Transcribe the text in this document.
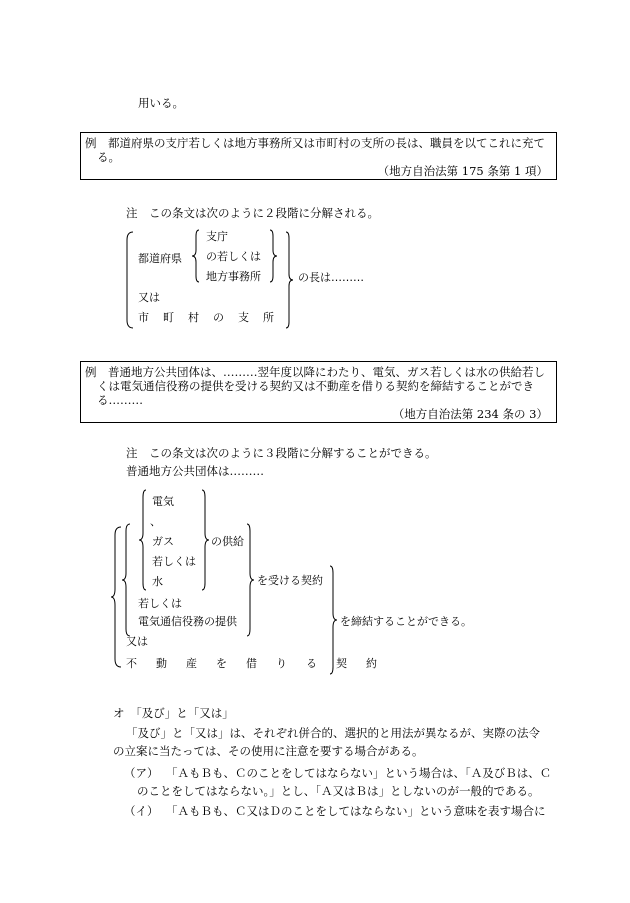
用いる。
例 都道府県の支庁若しくは地方事務所又は市町村の支所の長は、職員を以てこれに充て
る。
（地方自治法第 175 条第 1 項）
注　この条文は次のように２段階に分解される。
都道府県
支庁
の若しくは
地方事務所	の長は………
又は
市町村の支所
例 普通地方公共団体は、………翌年度以降にわたり、電気、ガス若しくは水の供給若し
くは電気通信役務の提供を受ける契約又は不動産を借りる契約を締結することができ
る………
（地方自治法第 234 条の 3）
注　この条文は次のように３段階に分解することができる。
普通地方公共団体は………
電気
、
ガス
若しくは
水
の供給
若しくは
電気通信役務の提供
を受ける契約
又は
不動産を借りる契約
を締結することができる。
オ　「及び」と「又は」
「及び」と「又は」は、それぞれ併合的、選択的と用法が異なるが、実際の法令
の立案に当たっては、その使用に注意を要する場合がある。
（ア） 「ＡもＢも、Ｃのことをしてはならない」という場合は、「Ａ及びＢは、Ｃ
のことをしてはならない。」とし、「Ａ又はＢは」としないのが一般的である。
（イ） 「ＡもＢも、Ｃ又はＤのことをしてはならない」という意味を表す場合に
